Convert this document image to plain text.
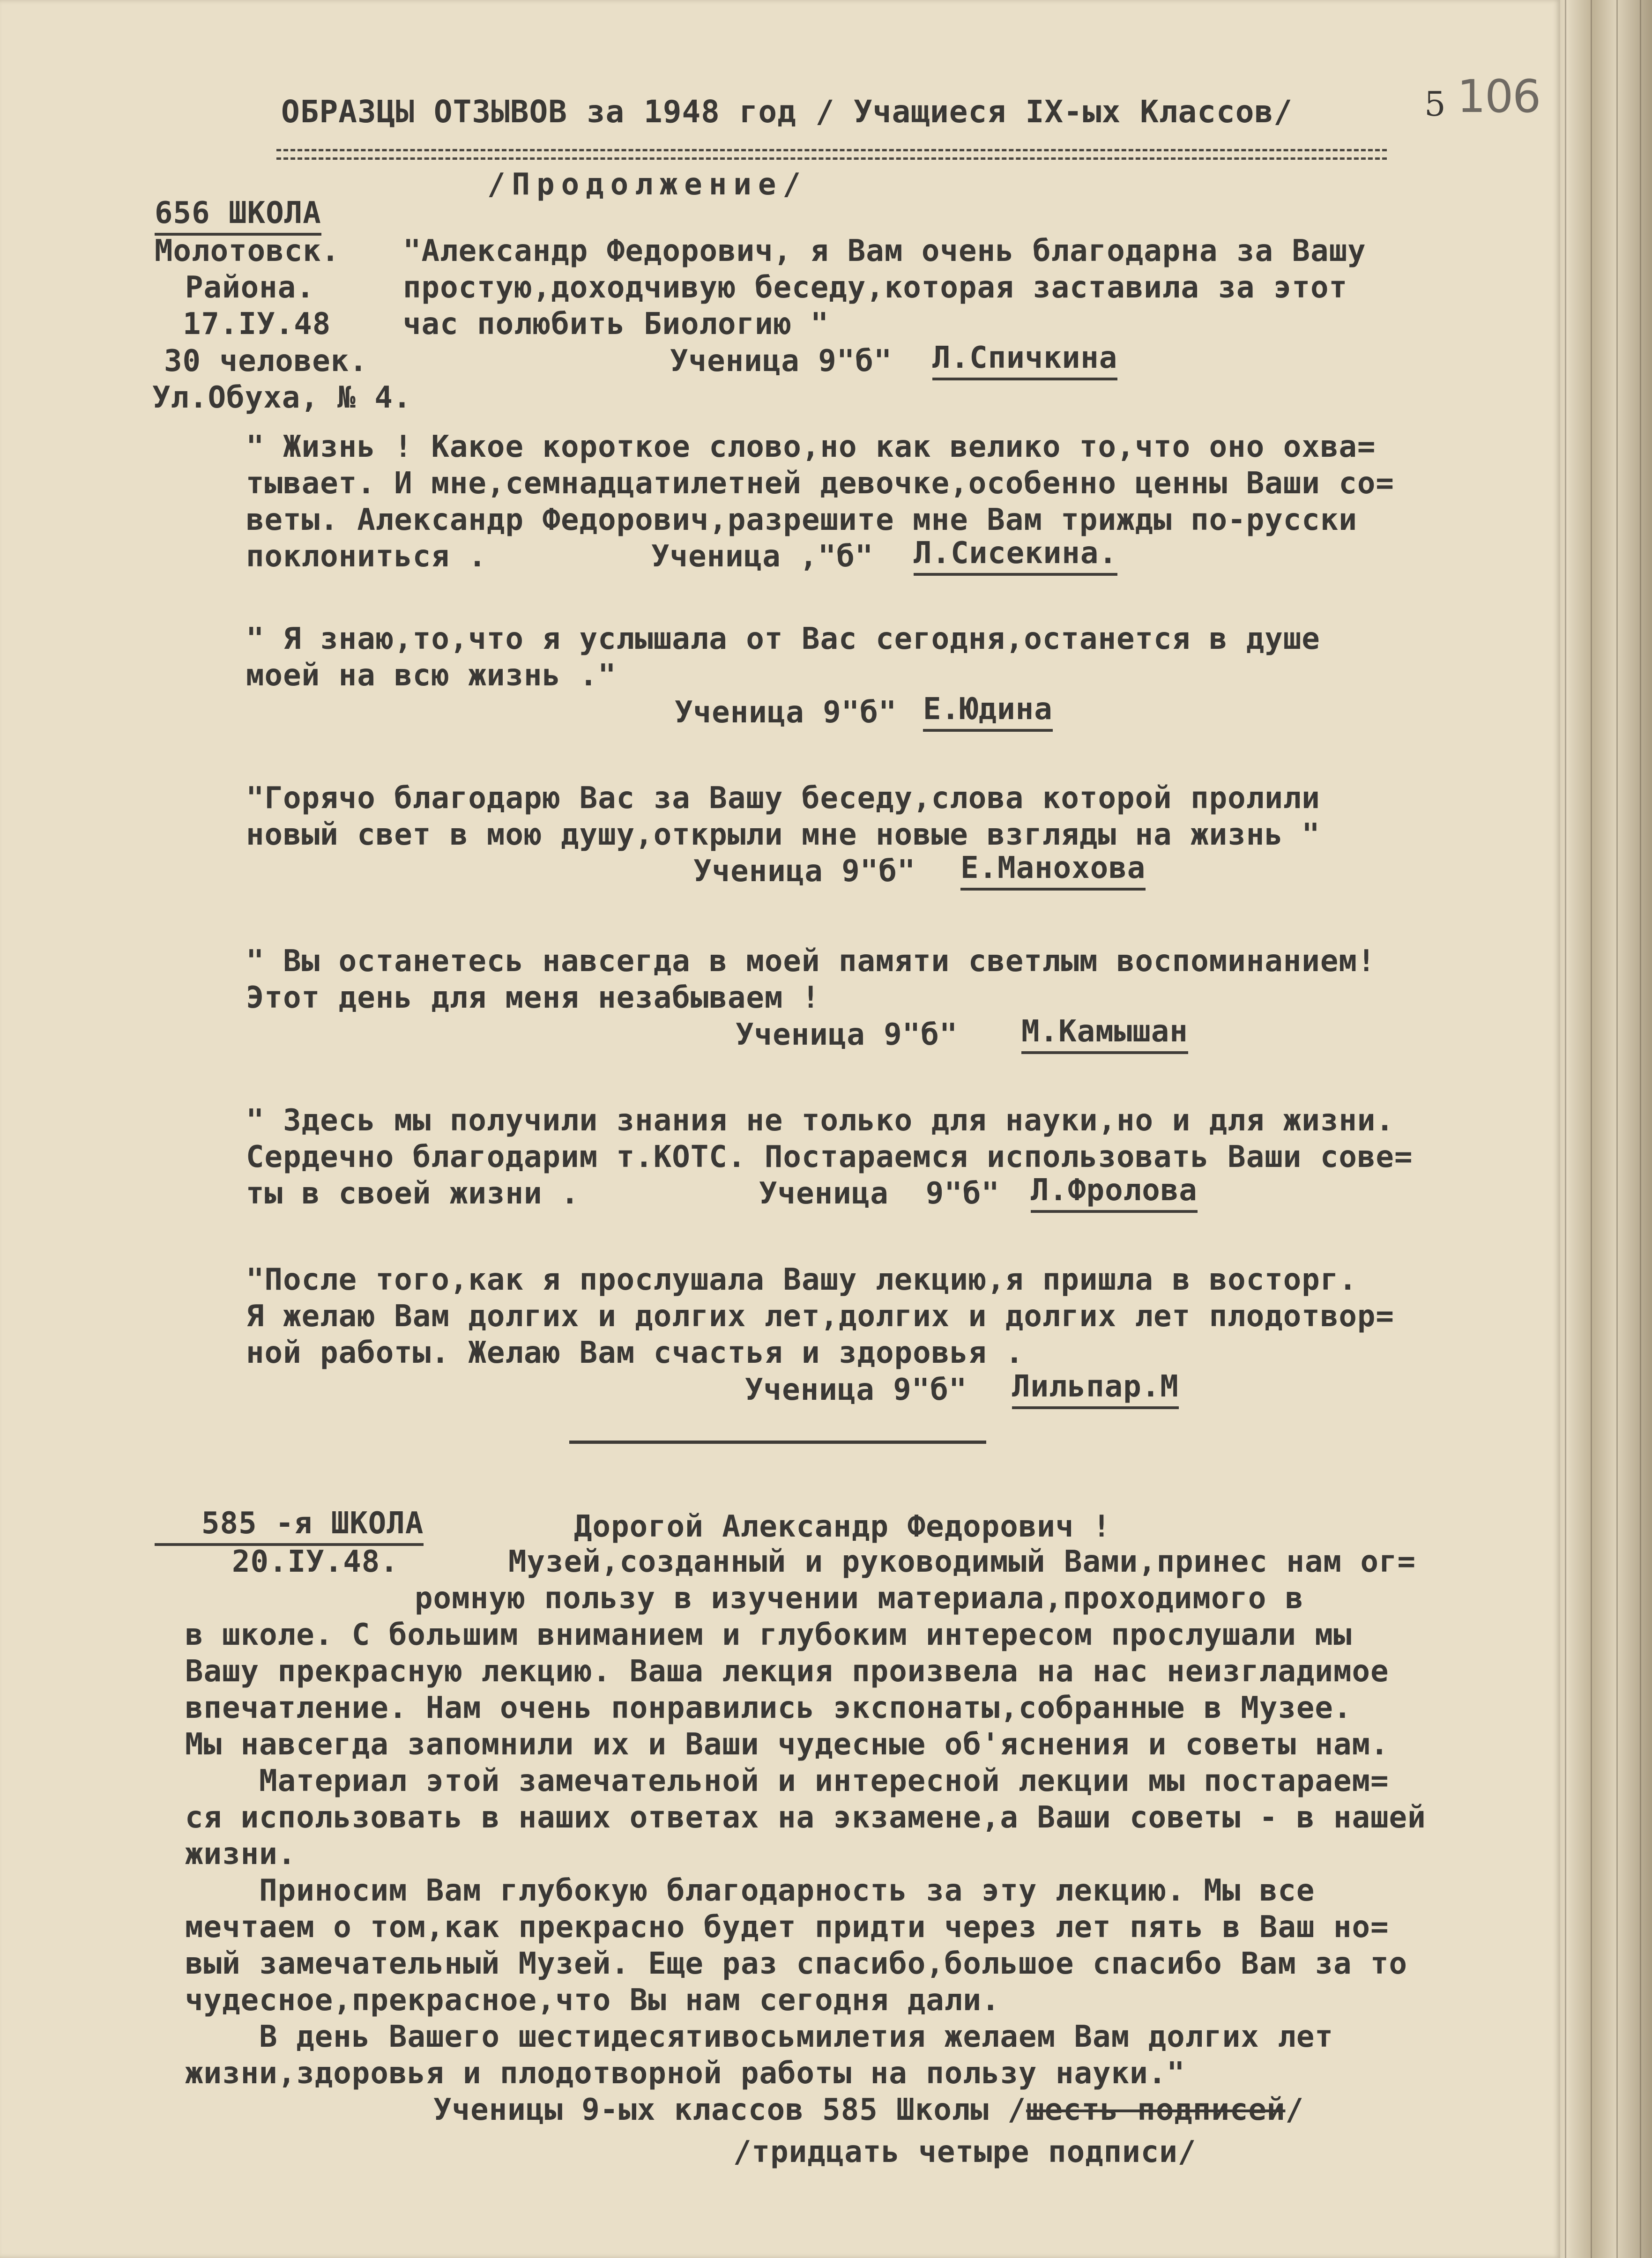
ОБРАЗЦЫ ОТЗЫВОВ за 1948 год / Учащиеся IX-ых Классов/	5 106

/Продолжение/

656 ШКОЛА

Молотовск.

Района.

17.IУ.48

30 человек.

Ул.Обуха, № 4.

"Александр Федорович, я Вам очень благодарна за Вашу

простую,доходчивую беседу,которая заставила за этот

час полюбить Биологию "

Ученица 9"б" Л.Спичкина

" Жизнь ! Какое короткое слово,но как велико то,что оно охва=

тывает. И мне,семнадцатилетней девочке,особенно ценны Ваши со=

веты. Александр Федорович,разрешите мне Вам трижды по-русски

поклониться .	Ученица ,"б" Л.Сисекина.

" Я знаю,то,что я услышала от Вас сегодня,останется в душе

моей на всю жизнь ."

Ученица 9"б" Е.Юдина

"Горячо благодарю Вас за Вашу беседу,слова которой пролили

новый свет в мою душу,открыли мне новые взгляды на жизнь "

Ученица 9"б" Е.Манохова

" Вы останетесь навсегда в моей памяти светлым воспоминанием!

Этот день для меня незабываем !

Ученица 9"б" М.Камышан

" Здесь мы получили знания не только для науки,но и для жизни.

Сердечно благодарим т.КОТС. Постараемся использовать Ваши сове=

ты в своей жизни .	Ученица  9"б" Л.Фролова

"После того,как я прослушала Вашу лекцию,я пришла в восторг.

Я желаю Вам долгих и долгих лет,долгих и долгих лет плодотвор=

ной работы. Желаю Вам счастья и здоровья .

Ученица 9"б" Лильпар.М

585 -я ШКОЛА

20.IУ.48.

Дорогой Александр Федорович !

Музей,созданный и руководимый Вами,принес нам ог=

ромную пользу в изучении материала,проходимого в

в школе. С большим вниманием и глубоким интересом прослушали мы

Вашу прекрасную лекцию. Ваша лекция произвела на нас неизгладимое

впечатление. Нам очень понравились экспонаты,собранные в Музее.

Мы навсегда запомнили их и Ваши чудесные об'яснения и советы нам.

Материал этой замечательной и интересной лекции мы постараем=

ся использовать в наших ответах на экзамене,а Ваши советы - в нашей

жизни.

Приносим Вам глубокую благодарность за эту лекцию. Мы все

мечтаем о том,как прекрасно будет придти через лет пять в Ваш но=

вый замечательный Музей. Еще раз спасибо,большое спасибо Вам за то

чудесное,прекрасное,что Вы нам сегодня дали.

В день Вашего шестидесятивосьмилетия желаем Вам долгих лет

жизни,здоровья и плодотворной работы на пользу науки."

Ученицы 9-ых классов 585 Школы /шесть подписей/

/тридцать четыре подписи/
